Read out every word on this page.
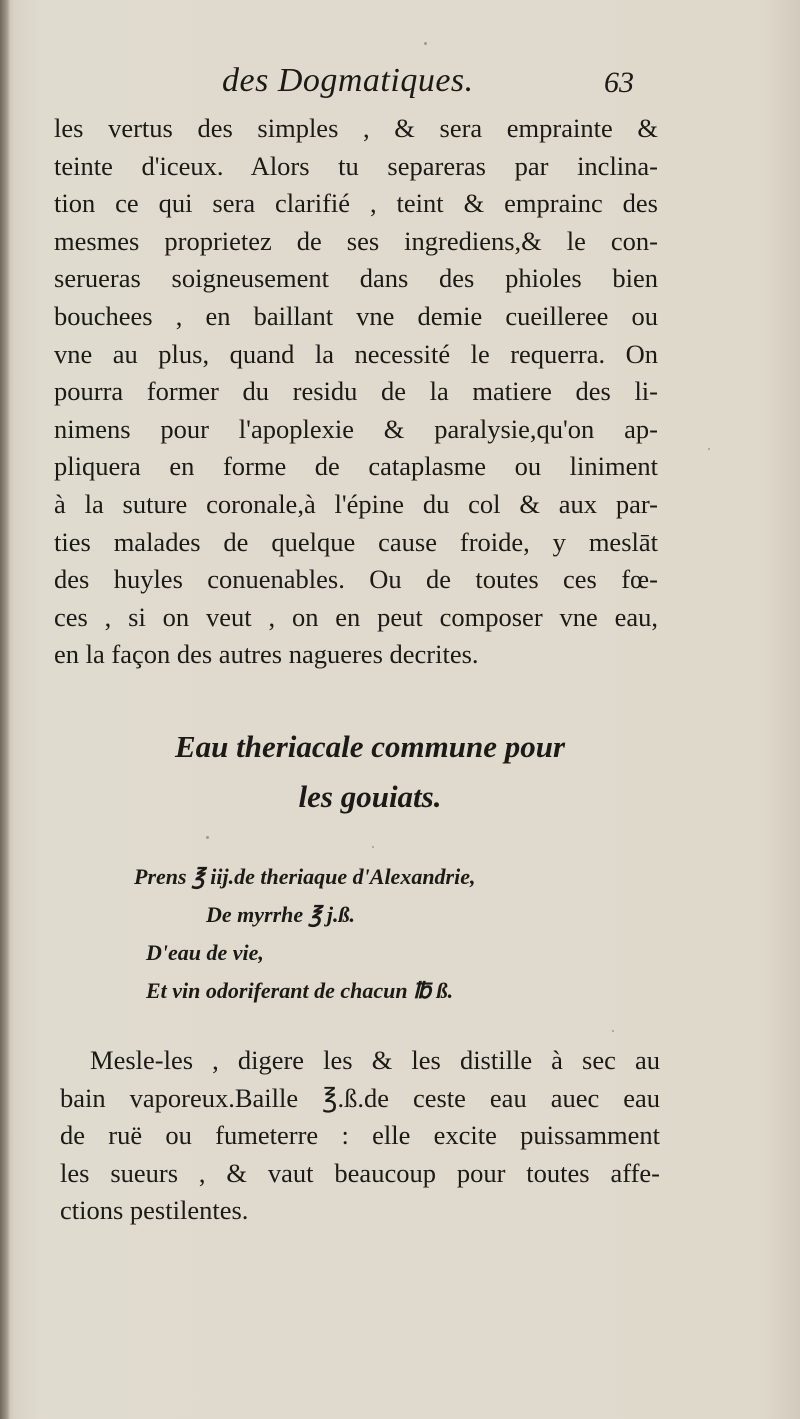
des Dogmatiques.	63
les vertus des simples , & sera emprainte &
teinte d'iceux. Alors tu separeras par inclina-
tion ce qui sera clarifié , teint & emprainc des
mesmes proprietez de ses ingrediens,& le con-
serueras soigneusement dans des phioles bien
bouchees , en baillant vne demie cueilleree ou
vne au plus, quand la necessité le requerra. On
pourra former du residu de la matiere des li-
nimens pour l'apoplexie & paralysie,qu'on ap-
pliquera en forme de cataplasme ou liniment
à la suture coronale,à l'épine du col & aux par-
ties malades de quelque cause froide, y meslāt
des huyles conuenables. Ou de toutes ces fœ-
ces , si on veut , on en peut composer vne eau,
en la façon des autres nagueres decrites.
Eau theriacale commune pour
les gouiats.
Prens ℥ iij.de theriaque d'Alexandrie,
De myrrhe ℥ j.ß.
D'eau de vie,
Et vin odoriferant de chacun ℔ ß.
Mesle-les , digere les & les distille à sec au
bain vaporeux.Baille ℥.ß.de ceste eau auec eau
de ruë ou fumeterre : elle excite puissamment
les sueurs , & vaut beaucoup pour toutes affe-
ctions pestilentes.
